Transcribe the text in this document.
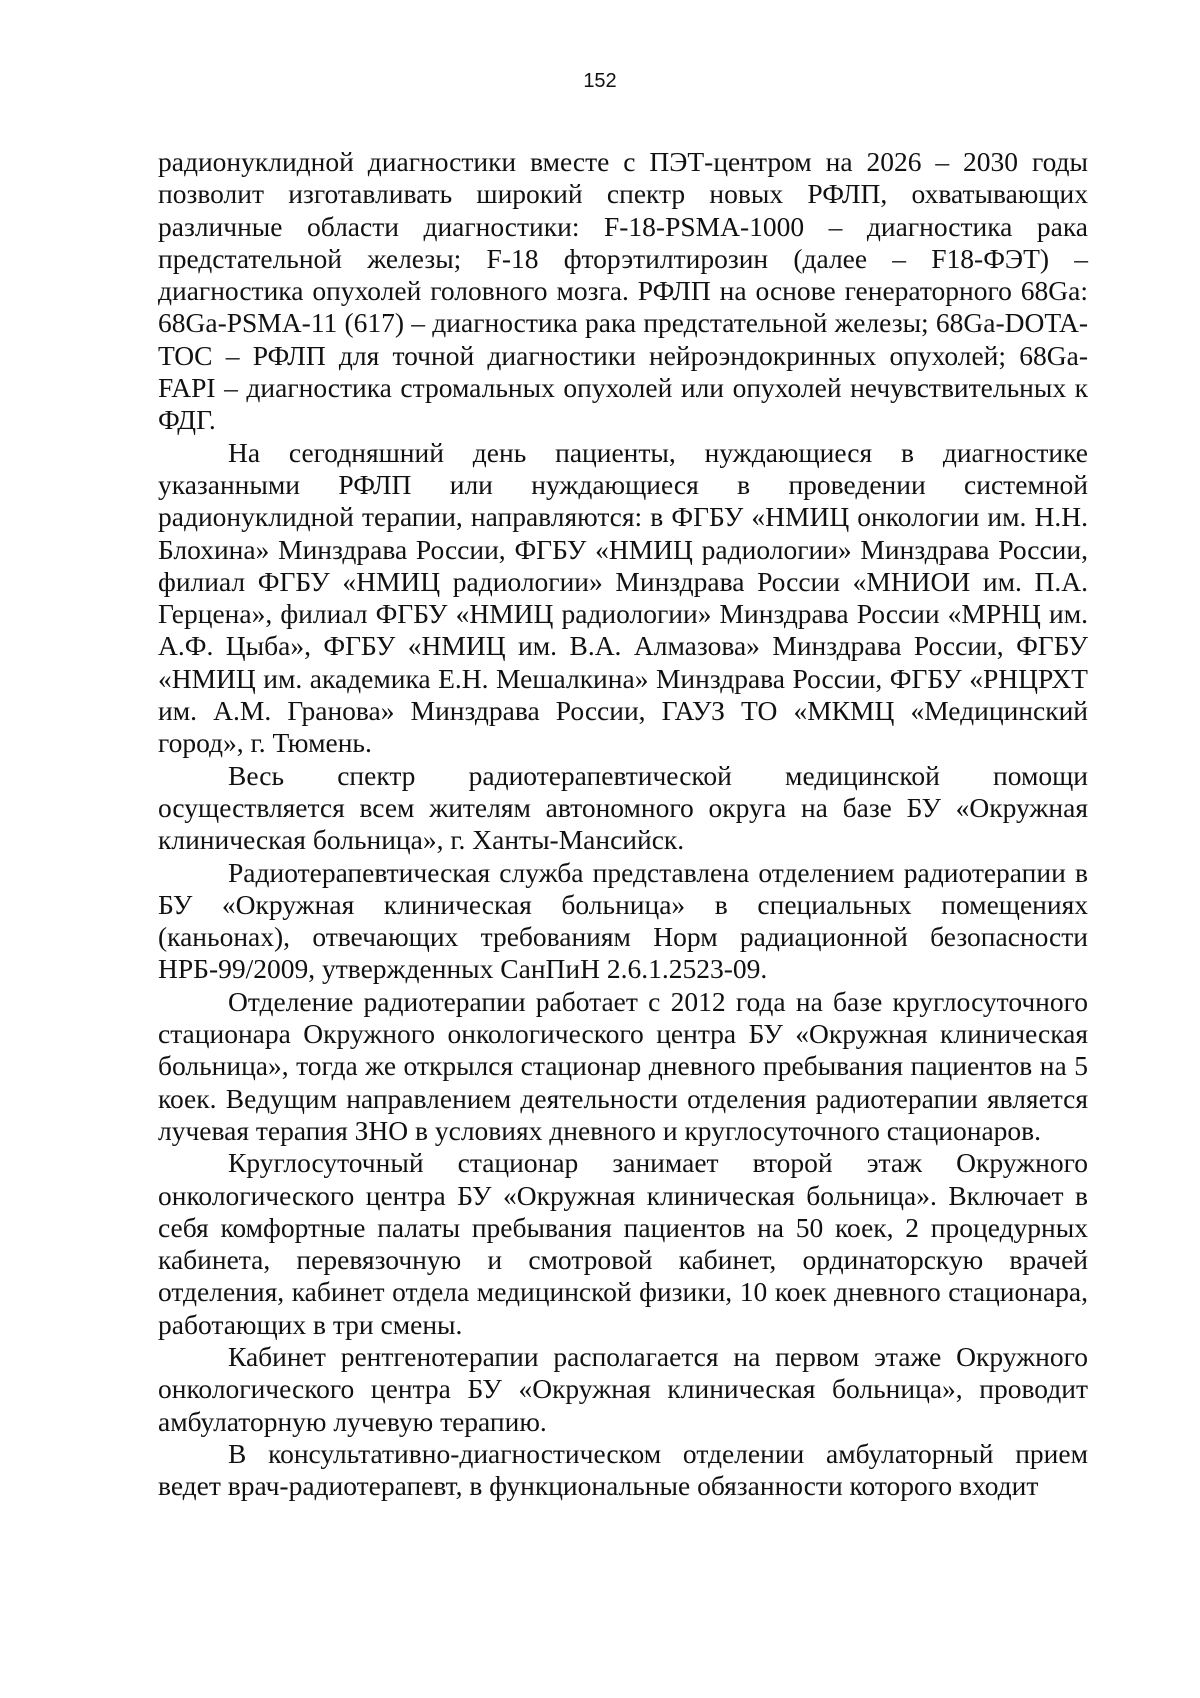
152

радионуклидной диагностики вместе с ПЭТ-центром на 2026 – 2030 годы позволит изготавливать широкий спектр новых РФЛП, охватывающих различные области диагностики: F-18-PSMA-1000 – диагностика рака предстательной железы; F-18 фторэтилтирозин (далее – F18-ФЭТ) – диагностика опухолей головного мозга. РФЛП на основе генераторного 68Ga: 68Ga-PSMA-11 (617) – диагностика рака предстательной железы; 68Ga-DOTA-TOC – РФЛП для точной диагностики нейроэндокринных опухолей; 68Ga-FAPI – диагностика стромальных опухолей или опухолей нечувствительных к ФДГ.

На сегодняшний день пациенты, нуждающиеся в диагностике указанными РФЛП или нуждающиеся в проведении системной радионуклидной терапии, направляются: в ФГБУ «НМИЦ онкологии им. Н.Н. Блохина» Минздрава России, ФГБУ «НМИЦ радиологии» Минздрава России, филиал ФГБУ «НМИЦ радиологии» Минздрава России «МНИОИ им. П.А. Герцена», филиал ФГБУ «НМИЦ радиологии» Минздрава России «МРНЦ им. А.Ф. Цыба», ФГБУ «НМИЦ им. В.А. Алмазова» Минздрава России, ФГБУ «НМИЦ им. академика Е.Н. Мешалкина» Минздрава России, ФГБУ «РНЦРХТ им. А.М. Гранова» Минздрава России, ГАУЗ ТО «МКМЦ «Медицинский город», г. Тюмень.

Весь спектр радиотерапевтической медицинской помощи осуществляется всем жителям автономного округа на базе БУ «Окружная клиническая больница», г. Ханты-Мансийск.

Радиотерапевтическая служба представлена отделением радиотерапии в БУ «Окружная клиническая больница» в специальных помещениях (каньонах), отвечающих требованиям Норм радиационной безопасности НРБ-99/2009, утвержденных СанПиН 2.6.1.2523-09.

Отделение радиотерапии работает с 2012 года на базе круглосуточного стационара Окружного онкологического центра БУ «Окружная клиническая больница», тогда же открылся стационар дневного пребывания пациентов на 5 коек. Ведущим направлением деятельности отделения радиотерапии является лучевая терапия ЗНО в условиях дневного и круглосуточного стационаров.

Круглосуточный стационар занимает второй этаж Окружного онкологического центра БУ «Окружная клиническая больница». Включает в себя комфортные палаты пребывания пациентов на 50 коек, 2 процедурных кабинета, перевязочную и смотровой кабинет, ординаторскую врачей отделения, кабинет отдела медицинской физики, 10 коек дневного стационара, работающих в три смены.

Кабинет рентгенотерапии располагается на первом этаже Окружного онкологического центра БУ «Окружная клиническая больница», проводит амбулаторную лучевую терапию.

В консультативно-диагностическом отделении амбулаторный прием ведет врач-радиотерапевт, в функциональные обязанности которого входит
